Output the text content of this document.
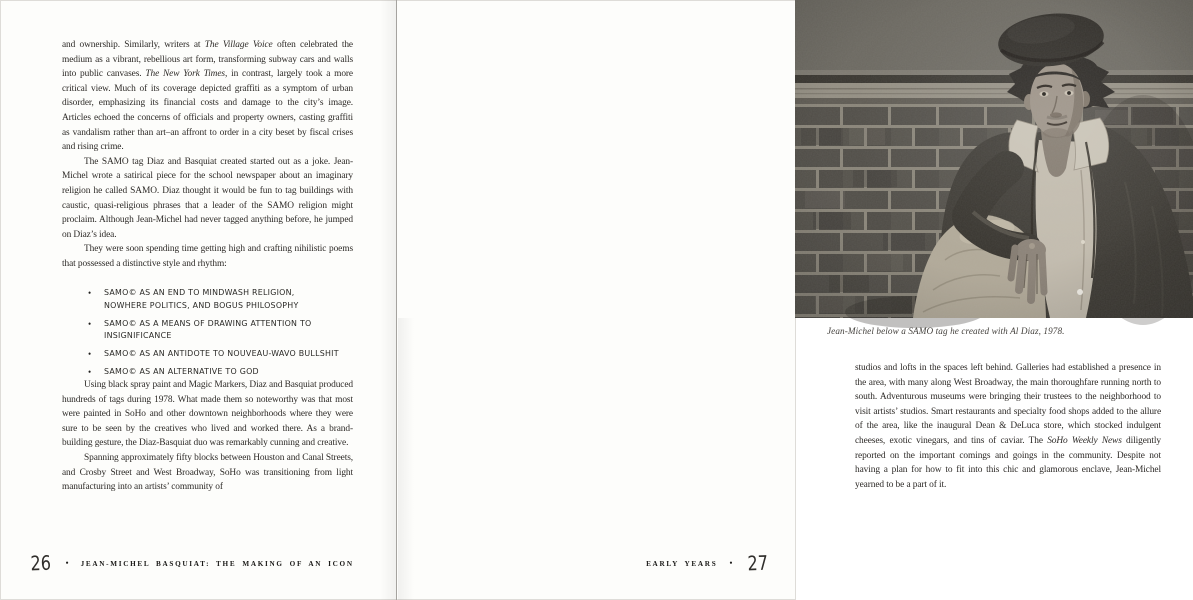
and ownership. Similarly, writers at The Village Voice often celebrated the medium as a vibrant, rebellious art form, transforming subway cars and walls into public canvases. The New York Times, in contrast, largely took a more critical view. Much of its coverage depicted graffiti as a symptom of urban disorder, emphasizing its financial costs and damage to the city’s image. Articles echoed the concerns of officials and property owners, casting graffiti as vandalism rather than art–an affront to order in a city beset by fiscal crises and rising crime.

The SAMO tag Diaz and Basquiat created started out as a joke. Jean-Michel wrote a satirical piece for the school newspaper about an imaginary religion he called SAMO. Diaz thought it would be fun to tag buildings with caustic, quasi-religious phrases that a leader of the SAMO religion might proclaim. Although Jean-Michel had never tagged anything before, he jumped on Diaz’s idea.

They were soon spending time getting high and crafting nihilistic poems that possessed a distinctive style and rhythm:

• SAMO© AS AN END TO MINDWASH RELIGION,
NOWHERE POLITICS, AND BOGUS PHILOSOPHY
• SAMO© AS A MEANS OF DRAWING ATTENTION TO INSIGNIFICANCE
• SAMO© AS AN ANTIDOTE TO NOUVEAU-WAVO BULLSHIT
• SAMO© AS AN ALTERNATIVE TO GOD

Using black spray paint and Magic Markers, Diaz and Basquiat produced hundreds of tags during 1978. What made them so noteworthy was that most were painted in SoHo and other downtown neighborhoods where they were sure to be seen by the creatives who lived and worked there. As a brand-building gesture, the Diaz-Basquiat duo was remarkably cunning and creative.

Spanning approximately fifty blocks between Houston and Canal Streets, and Crosby Street and West Broadway, SoHo was transitioning from light manufacturing into an artists’ community of

26 • JEAN-MICHEL BASQUIAT: THE MAKING OF AN ICON
Jean-Michel below a SAMO tag he created with Al Diaz, 1978.

studios and lofts in the spaces left behind. Galleries had established a presence in the area, with many along West Broadway, the main thoroughfare running north to south. Adventurous museums were bringing their trustees to the neighborhood to visit artists’ studios. Smart restaurants and specialty food shops added to the allure of the area, like the inaugural Dean & DeLuca store, which stocked indulgent cheeses, exotic vinegars, and tins of caviar. The SoHo Weekly News diligently reported on the important comings and goings in the community. Despite not having a plan for how to fit into this chic and glamorous enclave, Jean-Michel yearned to be a part of it.

EARLY YEARS • 27
